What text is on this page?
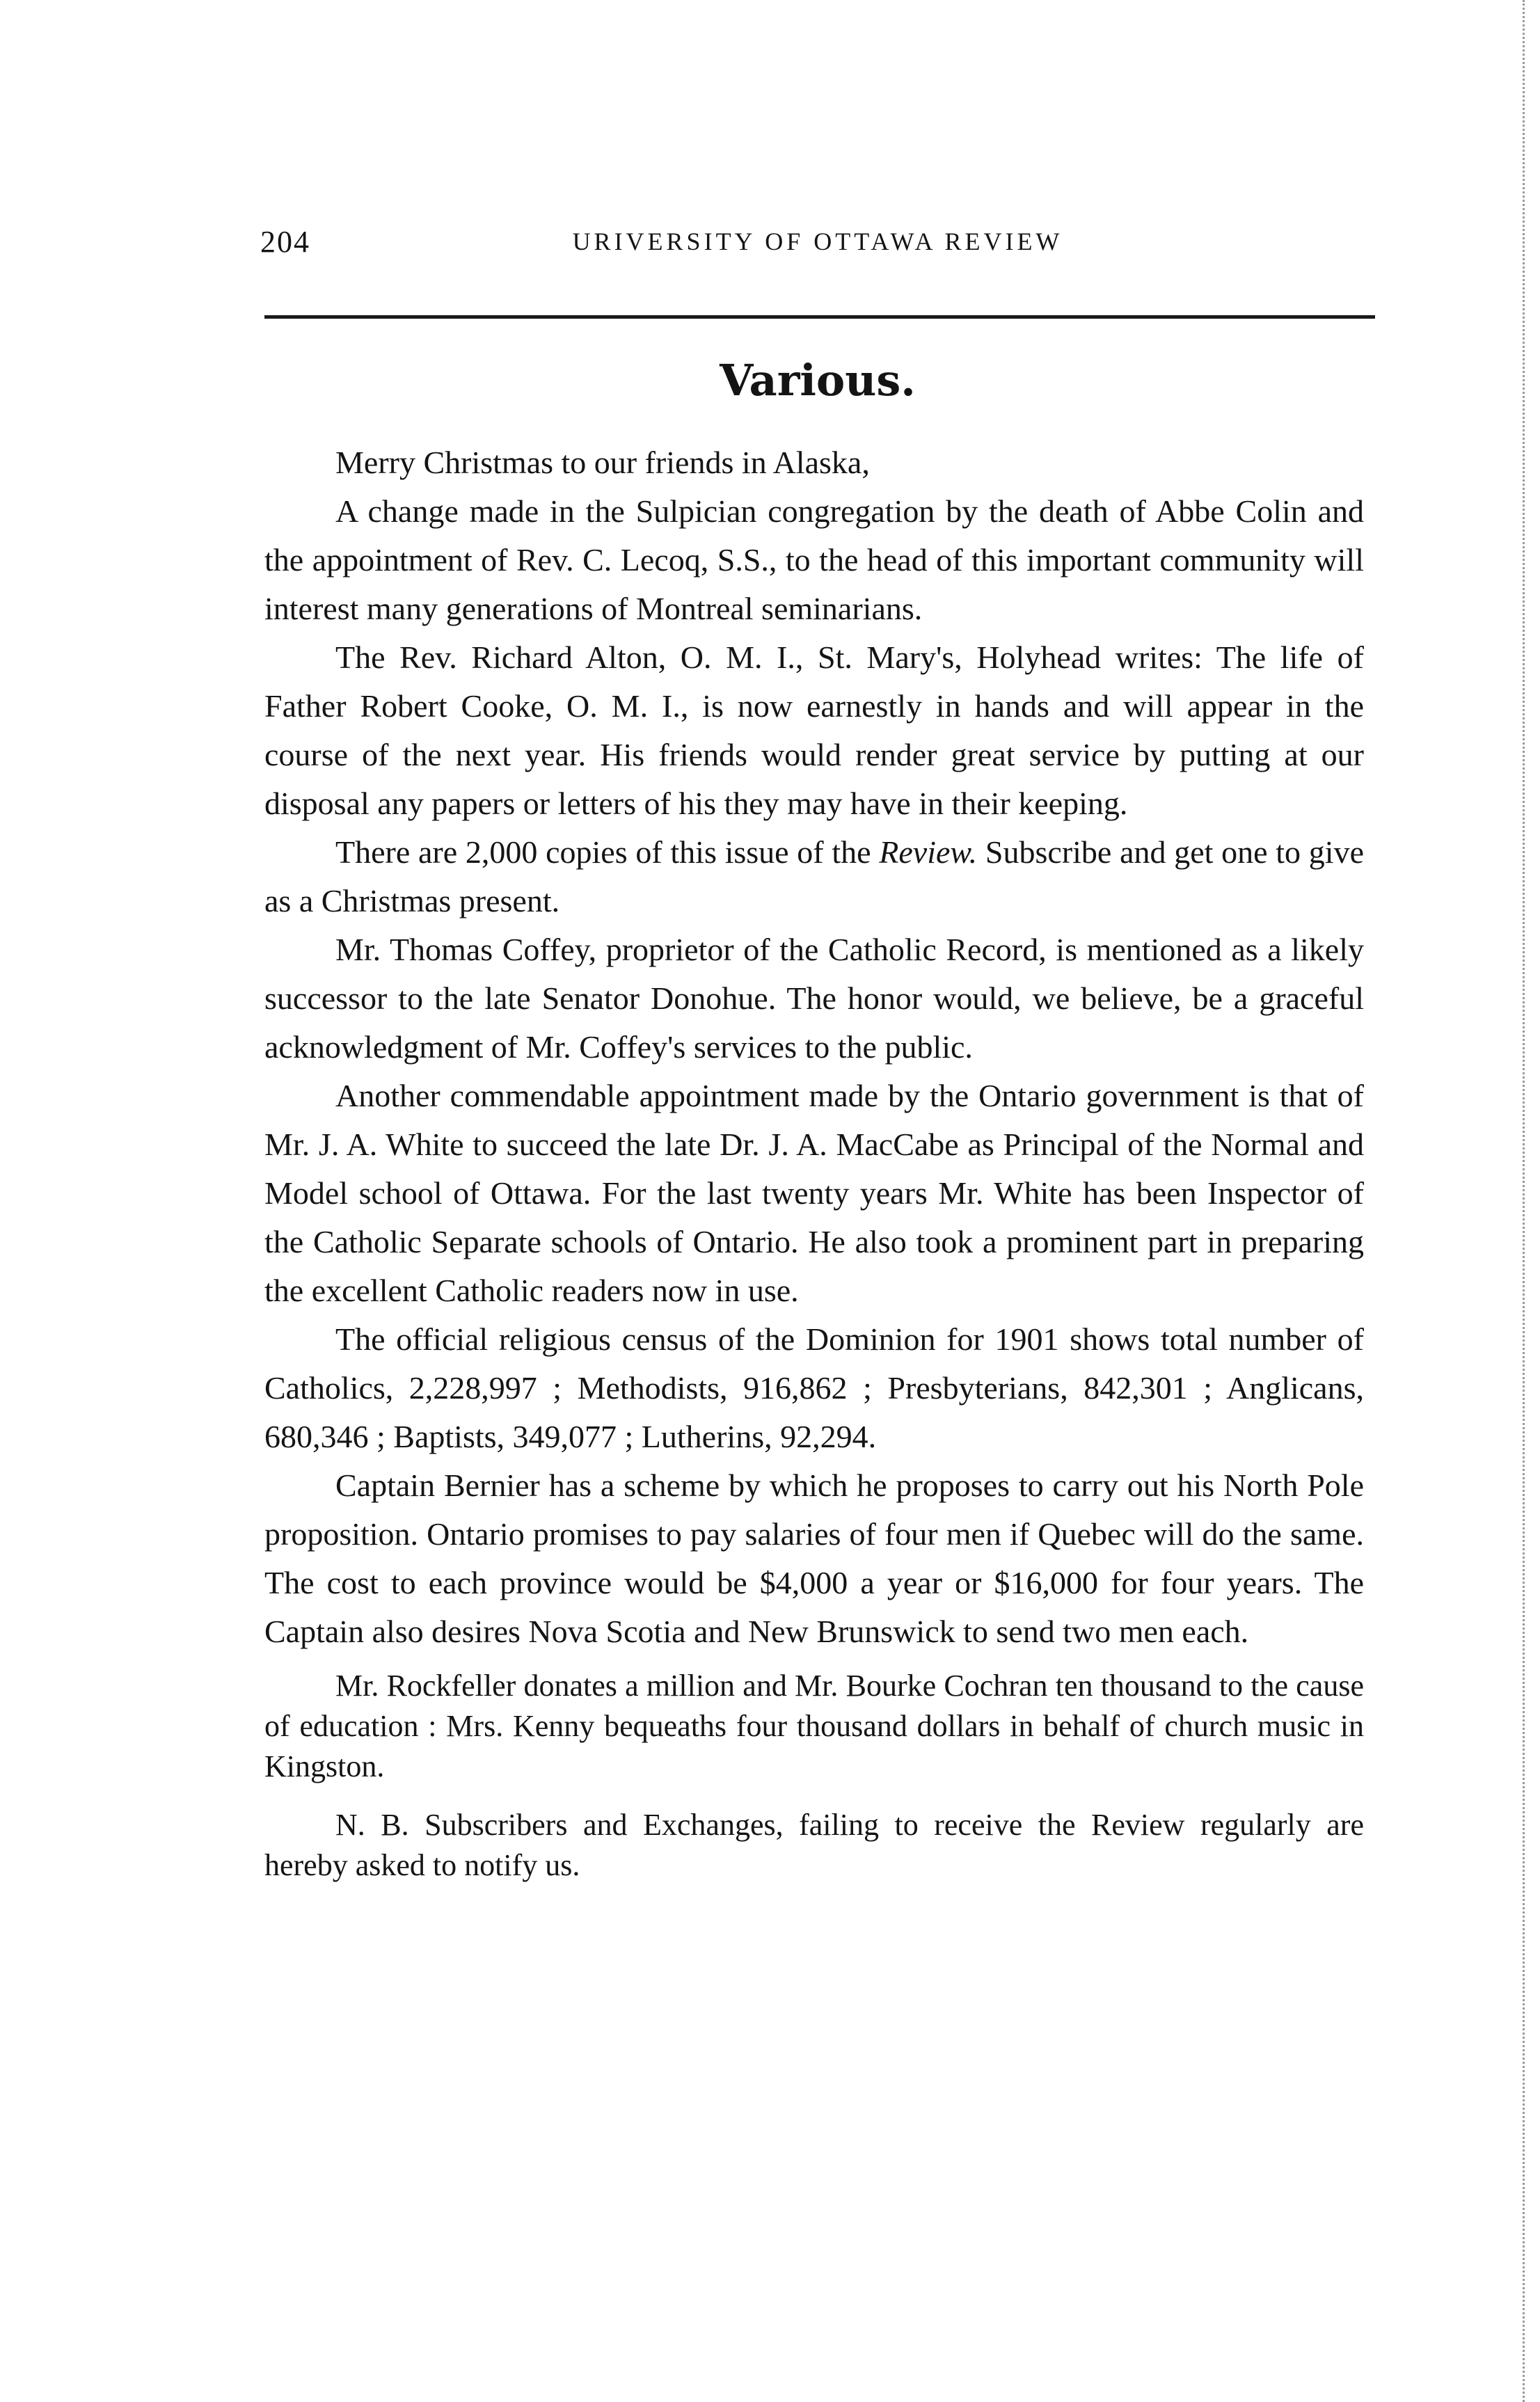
204	URIVERSITY OF OTTAWA REVIEW
Various.

Merry Christmas to our friends in Alaska,

A change made in the Sulpician congregation by the death of Abbe Colin and the appointment of Rev. C. Lecoq, S.S., to the head of this important community will interest many generations of Montreal seminarians.

The Rev. Richard Alton, O. M. I., St. Mary's, Holyhead writes: The life of Father Robert Cooke, O. M. I., is now earnestly in hands and will appear in the course of the next year. His friends would render great service by putting at our disposal any papers or letters of his they may have in their keeping.

There are 2,000 copies of this issue of the Review. Subscribe and get one to give as a Christmas present.

Mr. Thomas Coffey, proprietor of the Catholic Record, is mentioned as a likely successor to the late Senator Donohue. The honor would, we believe, be a graceful acknowledgment of Mr. Coffey's services to the public.

Another commendable appointment made by the Ontario government is that of Mr. J. A. White to succeed the late Dr. J. A. MacCabe as Principal of the Normal and Model school of Ottawa. For the last twenty years Mr. White has been Inspector of the Catholic Separate schools of Ontario. He also took a prominent part in preparing the excellent Catholic readers now in use.

The official religious census of the Dominion for 1901 shows total number of Catholics, 2,228,997 ; Methodists, 916,862 ; Presbyterians, 842,301 ; Anglicans, 680,346 ; Baptists, 349,077 ; Lutherins, 92,294.

Captain Bernier has a scheme by which he proposes to carry out his North Pole proposition. Ontario promises to pay salaries of four men if Quebec will do the same. The cost to each province would be $4,000 a year or $16,000 for four years. The Captain also desires Nova Scotia and New Brunswick to send two men each.

Mr. Rockfeller donates a million and Mr. Bourke Cochran ten thousand to the cause of education : Mrs. Kenny bequeaths four thousand dollars in behalf of church music in Kingston.

N. B. Subscribers and Exchanges, failing to receive the Review regularly are hereby asked to notify us.
